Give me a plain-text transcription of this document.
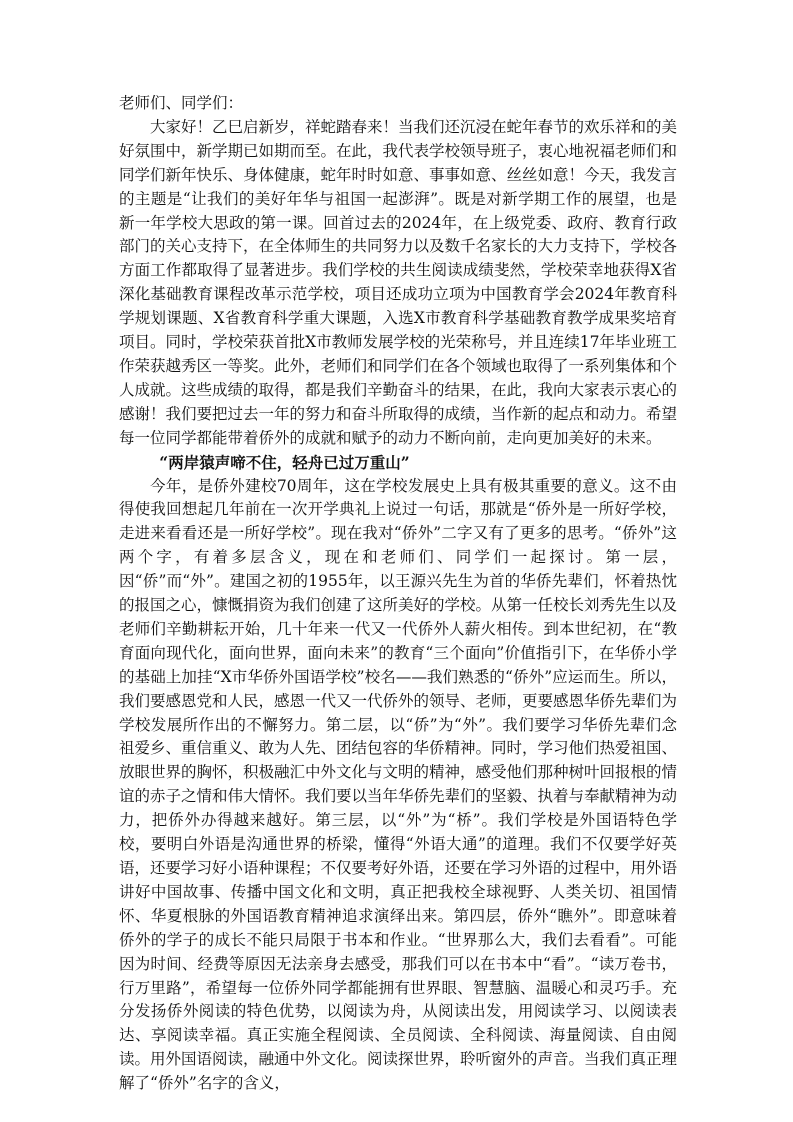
老师们、同学们：

大家好！乙巳启新岁，祥蛇踏春来！当我们还沉浸在蛇年春节的欢乐祥和的美好氛围中，新学期已如期而至。在此，我代表学校领导班子，衷心地祝福老师们和同学们新年快乐、身体健康，蛇年时时如意、事事如意、丝丝如意！今天，我发言的主题是“让我们的美好年华与祖国一起澎湃”。既是对新学期工作的展望，也是新一年学校大思政的第一课。回首过去的2024年，在上级党委、政府、教育行政部门的关心支持下，在全体师生的共同努力以及数千名家长的大力支持下，学校各方面工作都取得了显著进步。我们学校的共生阅读成绩斐然，学校荣幸地获得X省深化基础教育课程改革示范学校，项目还成功立项为中国教育学会2024年教育科学规划课题、X省教育科学重大课题，入选X市教育科学基础教育教学成果奖培育项目。同时，学校荣获首批X市教师发展学校的光荣称号，并且连续17年毕业班工作荣获越秀区一等奖。此外，老师们和同学们在各个领域也取得了一系列集体和个人成就。这些成绩的取得，都是我们辛勤奋斗的结果，在此，我向大家表示衷心的感谢！我们要把过去一年的努力和奋斗所取得的成绩，当作新的起点和动力。希望每一位同学都能带着侨外的成就和赋予的动力不断向前，走向更加美好的未来。

“两岸猿声啼不住，轻舟已过万重山”

今年，是侨外建校70周年，这在学校发展史上具有极其重要的意义。这不由得使我回想起几年前在一次开学典礼上说过一句话，那就是“侨外是一所好学校，走进来看看还是一所好学校”。现在我对“侨外”二字又有了更多的思考。“侨外”这两个字，有着多层含义，现在和老师们、同学们一起探讨。第一层，因“侨”而“外”。建国之初的1955年，以王源兴先生为首的华侨先辈们，怀着热忱的报国之心，慷慨捐资为我们创建了这所美好的学校。从第一任校长刘秀先生以及老师们辛勤耕耘开始，几十年来一代又一代侨外人薪火相传。到本世纪初，在“教育面向现代化，面向世界，面向未来”的教育“三个面向”价值指引下，在华侨小学的基础上加挂“X市华侨外国语学校”校名——我们熟悉的“侨外”应运而生。所以，我们要感恩党和人民，感恩一代又一代侨外的领导、老师，更要感恩华侨先辈们为学校发展所作出的不懈努力。第二层，以“侨”为“外”。我们要学习华侨先辈们念祖爱乡、重信重义、敢为人先、团结包容的华侨精神。同时，学习他们热爱祖国、放眼世界的胸怀，积极融汇中外文化与文明的精神，感受他们那种树叶回报根的情谊的赤子之情和伟大情怀。我们要以当年华侨先辈们的坚毅、执着与奉献精神为动力，把侨外办得越来越好。第三层，以“外”为“桥”。我们学校是外国语特色学校，要明白外语是沟通世界的桥梁，懂得“外语大通”的道理。我们不仅要学好英语，还要学习好小语种课程；不仅要考好外语，还要在学习外语的过程中，用外语讲好中国故事、传播中国文化和文明，真正把我校全球视野、人类关切、祖国情怀、华夏根脉的外国语教育精神追求演绎出来。第四层，侨外“瞧外”。即意味着侨外的学子的成长不能只局限于书本和作业。“世界那么大，我们去看看”。可能因为时间、经费等原因无法亲身去感受，那我们可以在书本中“看”。“读万卷书，行万里路”，希望每一位侨外同学都能拥有世界眼、智慧脑、温暖心和灵巧手。充分发扬侨外阅读的特色优势，以阅读为舟，从阅读出发，用阅读学习、以阅读表达、享阅读幸福。真正实施全程阅读、全员阅读、全科阅读、海量阅读、自由阅读。用外国语阅读，融通中外文化。阅读探世界，聆听窗外的声音。当我们真正理解了“侨外”名字的含义，
